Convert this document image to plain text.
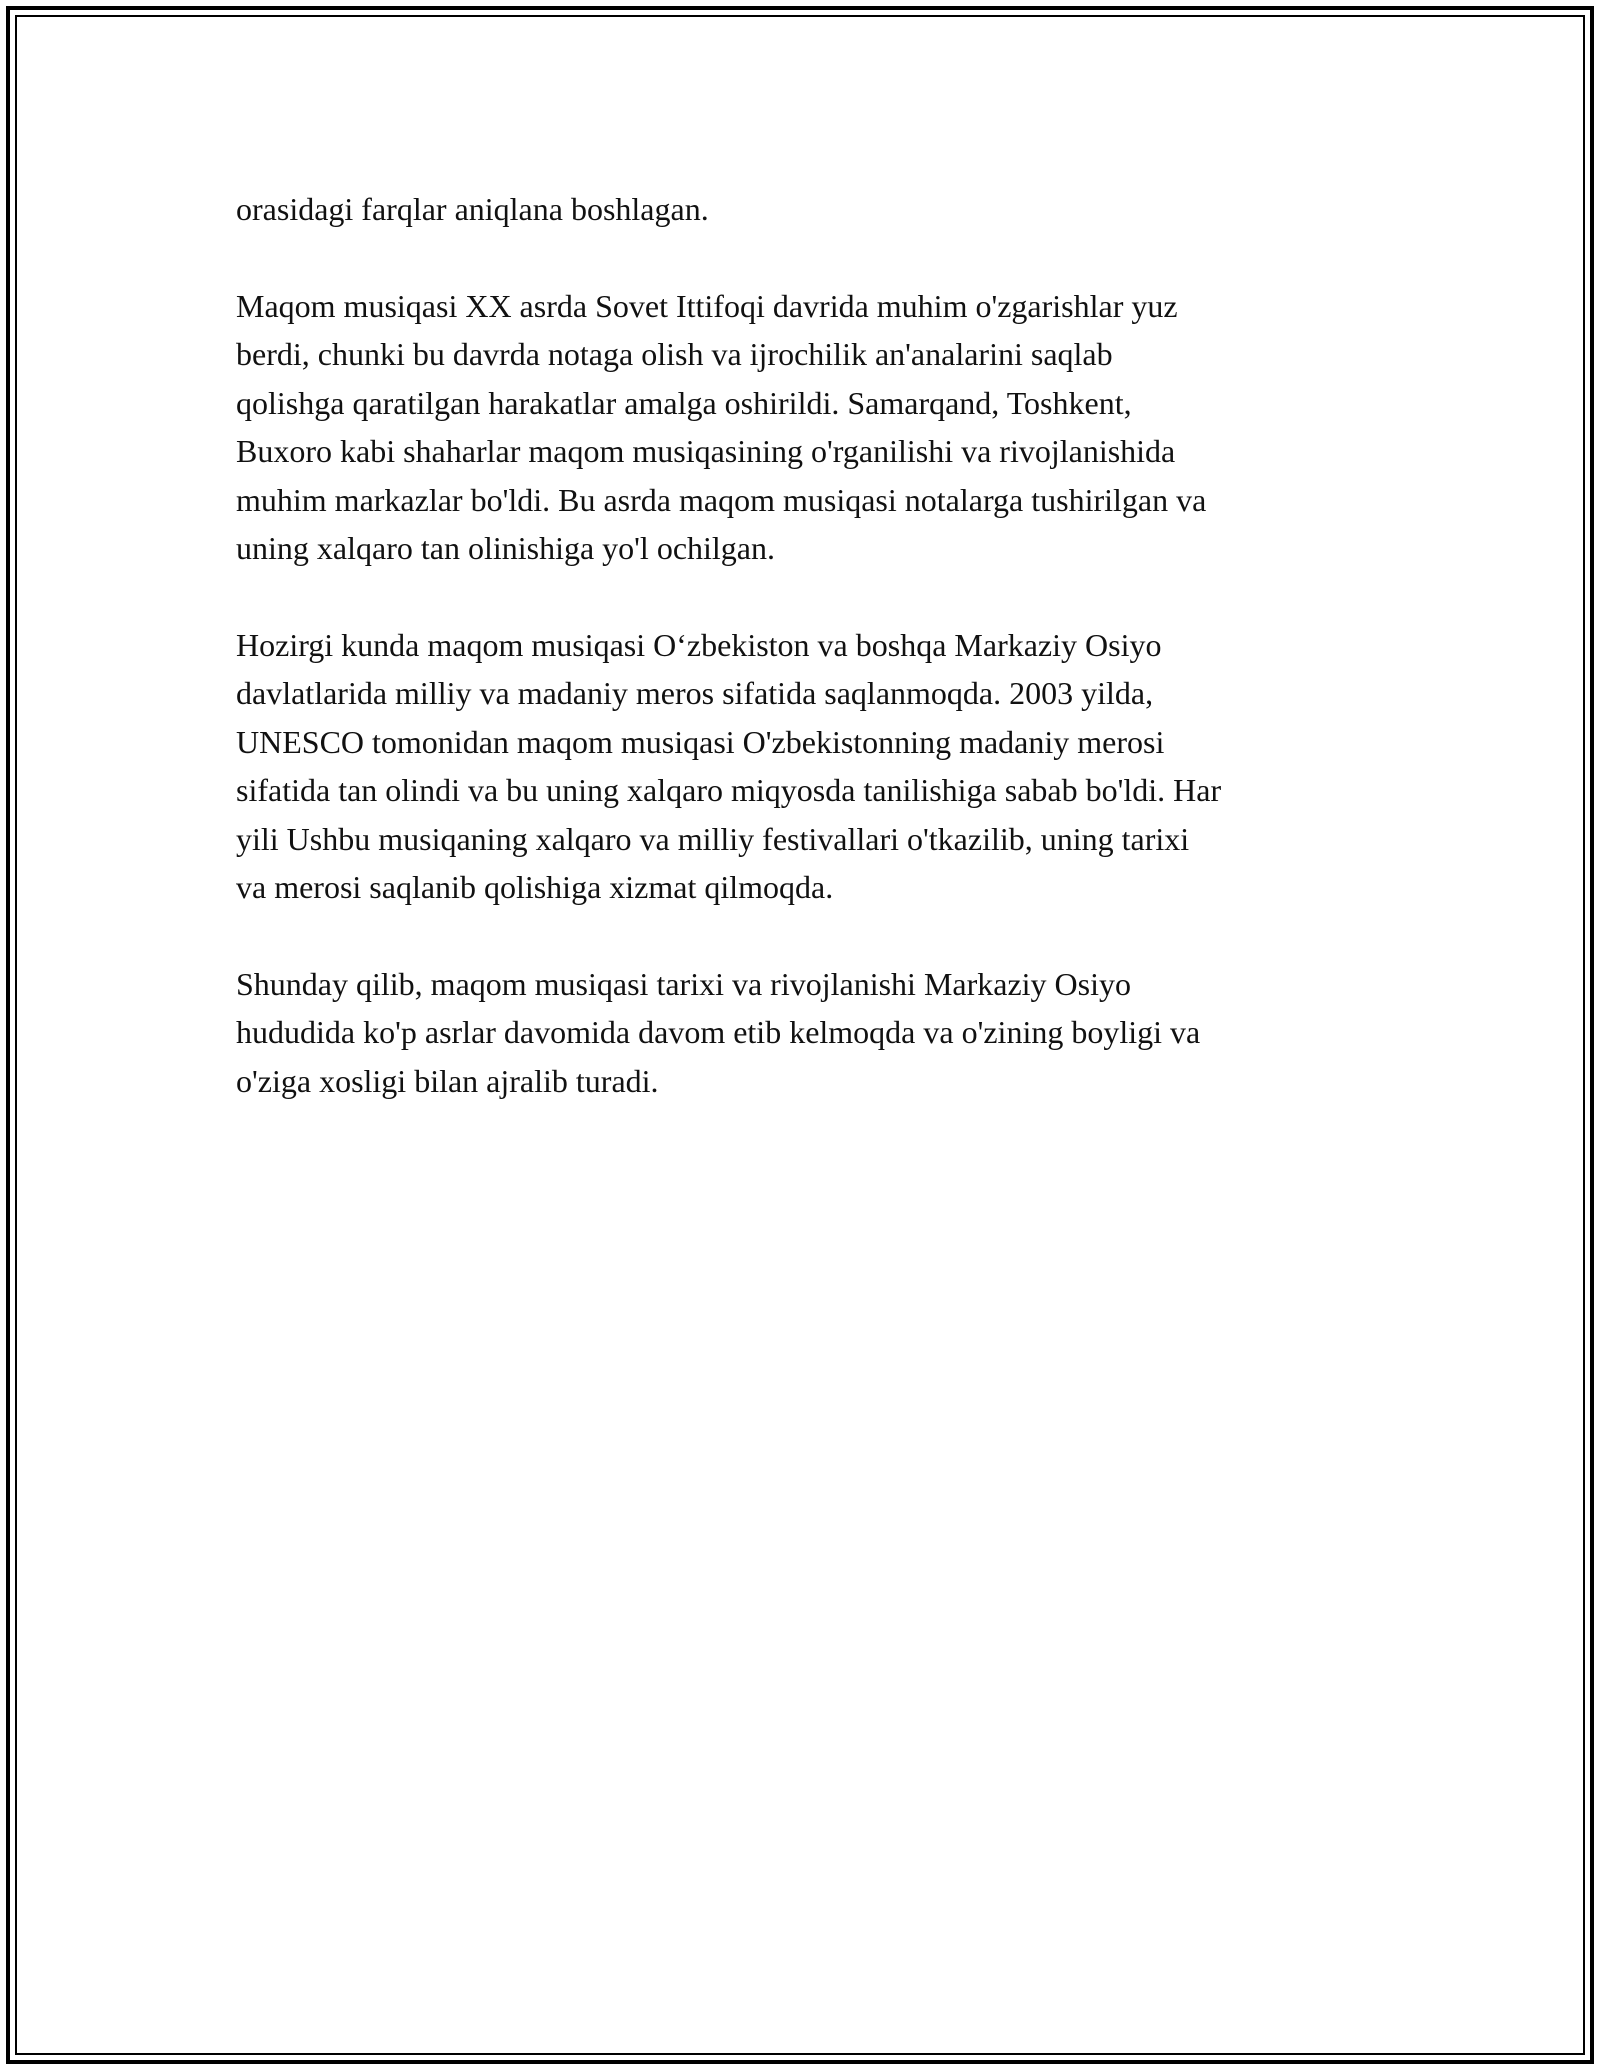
orasidagi farqlar aniqlana boshlagan.

Maqom musiqasi XX asrda Sovet Ittifoqi davrida muhim o'zgarishlar yuz
berdi, chunki bu davrda notaga olish va ijrochilik an'analarini saqlab
qolishga qaratilgan harakatlar amalga oshirildi. Samarqand, Toshkent,
Buxoro kabi shaharlar maqom musiqasining o'rganilishi va rivojlanishida
muhim markazlar bo'ldi. Bu asrda maqom musiqasi notalarga tushirilgan va
uning xalqaro tan olinishiga yo'l ochilgan.

Hozirgi kunda maqom musiqasi O‘zbekiston va boshqa Markaziy Osiyo
davlatlarida milliy va madaniy meros sifatida saqlanmoqda. 2003 yilda,
UNESCO tomonidan maqom musiqasi O'zbekistonning madaniy merosi
sifatida tan olindi va bu uning xalqaro miqyosda tanilishiga sabab bo'ldi. Har
yili Ushbu musiqaning xalqaro va milliy festivallari o'tkazilib, uning tarixi
va merosi saqlanib qolishiga xizmat qilmoqda.

Shunday qilib, maqom musiqasi tarixi va rivojlanishi Markaziy Osiyo
hududida ko'p asrlar davomida davom etib kelmoqda va o'zining boyligi va
o'ziga xosligi bilan ajralib turadi.
